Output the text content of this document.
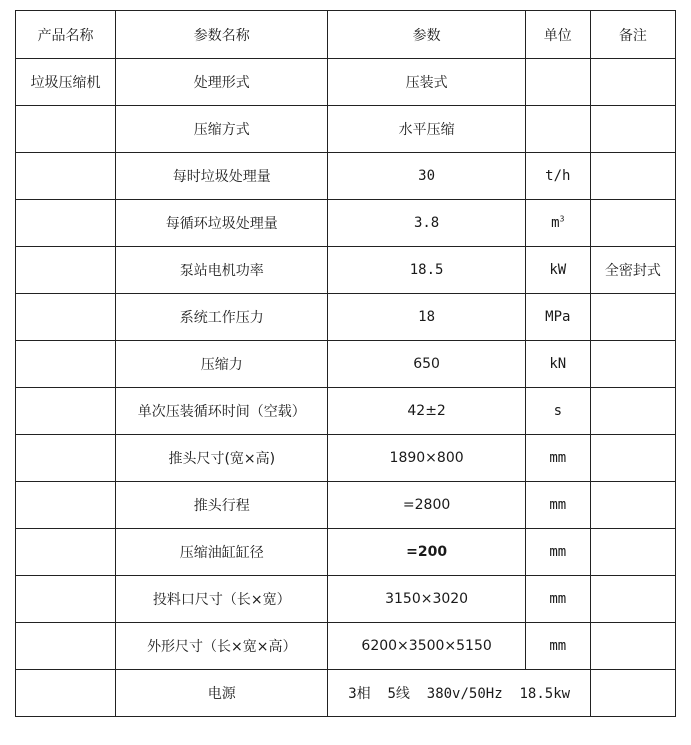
产品名称	参数名称	参数	单位	备注
垃圾压缩机	处理形式	压装式		
	压缩方式	水平压缩		
	每时垃圾处理量	30	t/h	
	每循环垃圾处理量	3.8	$m^3$	
	泵站电机功率	18.5	kW	全密封式
	系统工作压力	18	MPa	
	压缩力	650	kN	
	单次压装循环时间（空载）	42±2	s	
	推头尺寸(宽×高)	1890×800	mm	
	推头行程	=2800	mm	
	压缩油缸缸径	=200	mm	
	投料口尺寸（长×宽）	3150×3020	mm	
	外形尺寸（长×宽×高）	6200×3500×5150	mm	
	电源	3相  5线  380v/50Hz  18.5kw		
